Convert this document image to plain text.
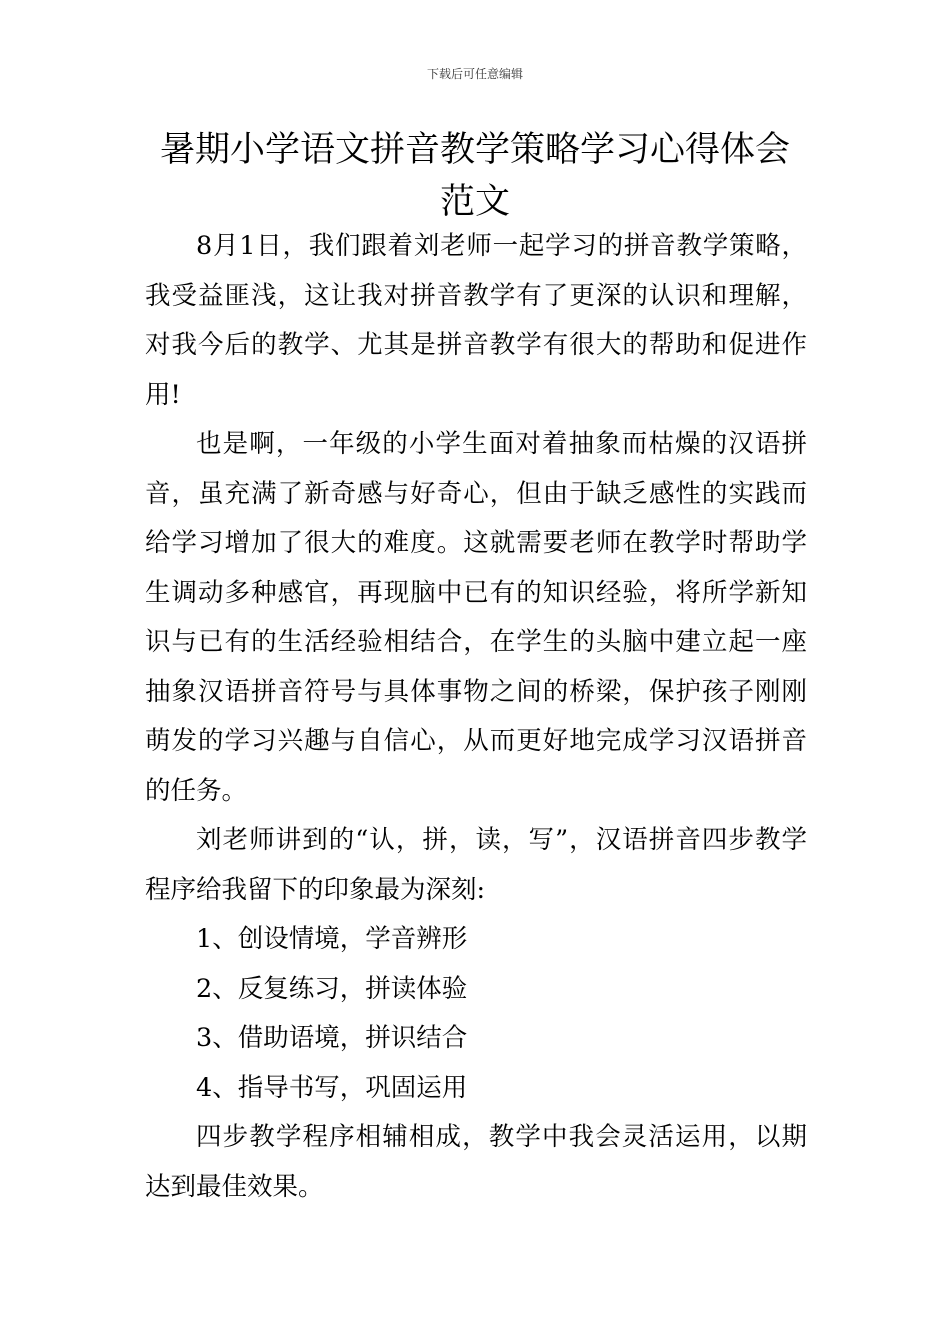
下载后可任意编辑
暑期小学语文拼音教学策略学习心得体会范文

8月1日，我们跟着刘老师一起学习的拼音教学策略，我受益匪浅，这让我对拼音教学有了更深的认识和理解，对我今后的教学、尤其是拼音教学有很大的帮助和促进作用!

也是啊，一年级的小学生面对着抽象而枯燥的汉语拼音，虽充满了新奇感与好奇心，但由于缺乏感性的实践而给学习增加了很大的难度。这就需要老师在教学时帮助学生调动多种感官，再现脑中已有的知识经验，将所学新知识与已有的生活经验相结合，在学生的头脑中建立起一座抽象汉语拼音符号与具体事物之间的桥梁，保护孩子刚刚萌发的学习兴趣与自信心，从而更好地完成学习汉语拼音的任务。

刘老师讲到的“认，拼，读，写”，汉语拼音四步教学程序给我留下的印象最为深刻:

1、创设情境，学音辨形
2、反复练习，拼读体验
3、借助语境，拼识结合
4、指导书写，巩固运用

四步教学程序相辅相成，教学中我会灵活运用，以期达到最佳效果。
